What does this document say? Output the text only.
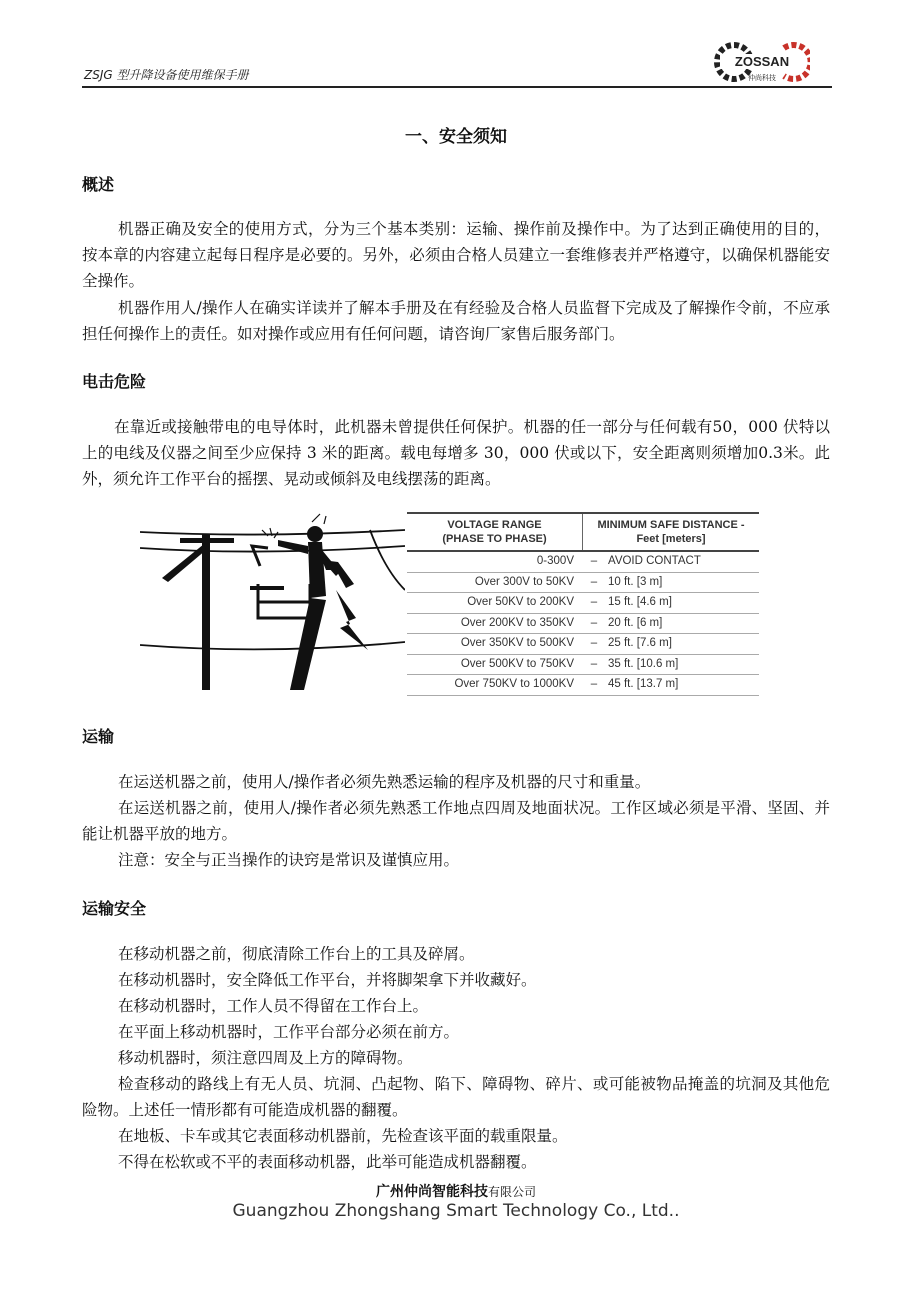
ZSJG 型升降设备使用维保手册
ZOSSAN
仲尚科技
一、安全须知
概述
机器正确及安全的使用方式，分为三个基本类别：运输、操作前及操作中。为了达到正确使用的目的，按本章的内容建立起每日程序是必要的。另外，必须由合格人员建立一套维修表并严格遵守，以确保机器能安全操作。
机器作用人/操作人在确实详读并了解本手册及在有经验及合格人员监督下完成及了解操作令前，不应承担任何操作上的责任。如对操作或应用有任何问题，请咨询厂家售后服务部门。
电击危险
在靠近或接触带电的电导体时，此机器未曾提供任何保护。机器的任一部分与任何载有50，000 伏特以上的电线及仪器之间至少应保持 3 米的距离。载电每增多 30，000 伏或以下，安全距离则须增加0.3米。此外，须允许工作平台的摇摆、晃动或倾斜及电线摆荡的距离。
VOLTAGE RANGE
(PHASE TO PHASE)
MINIMUM SAFE DISTANCE -
Feet [meters]
0-300V	– AVOID CONTACT
Over 300V to 50KV	– 10 ft. [3 m]
Over 50KV to 200KV	– 15 ft. [4.6 m]
Over 200KV to 350KV	– 20 ft. [6 m]
Over 350KV to 500KV	– 25 ft. [7.6 m]
Over 500KV to 750KV	– 35 ft. [10.6 m]
Over 750KV to 1000KV	– 45 ft. [13.7 m]
运输
在运送机器之前，使用人/操作者必须先熟悉运输的程序及机器的尺寸和重量。
在运送机器之前，使用人/操作者必须先熟悉工作地点四周及地面状况。工作区域必须是平滑、坚固、并能让机器平放的地方。
注意：安全与正当操作的诀窍是常识及谨慎应用。
运输安全
在移动机器之前，彻底清除工作台上的工具及碎屑。
在移动机器时，安全降低工作平台，并将脚架拿下并收藏好。
在移动机器时，工作人员不得留在工作台上。
在平面上移动机器时，工作平台部分必须在前方。
移动机器时，须注意四周及上方的障碍物。
检查移动的路线上有无人员、坑洞、凸起物、陷下、障碍物、碎片、或可能被物品掩盖的坑洞及其他危险物。上述任一情形都有可能造成机器的翻覆。
在地板、卡车或其它表面移动机器前，先检查该平面的载重限量。
不得在松软或不平的表面移动机器，此举可能造成机器翻覆。
广州仲尚智能科技有限公司
Guangzhou Zhongshang Smart Technology Co., Ltd..
